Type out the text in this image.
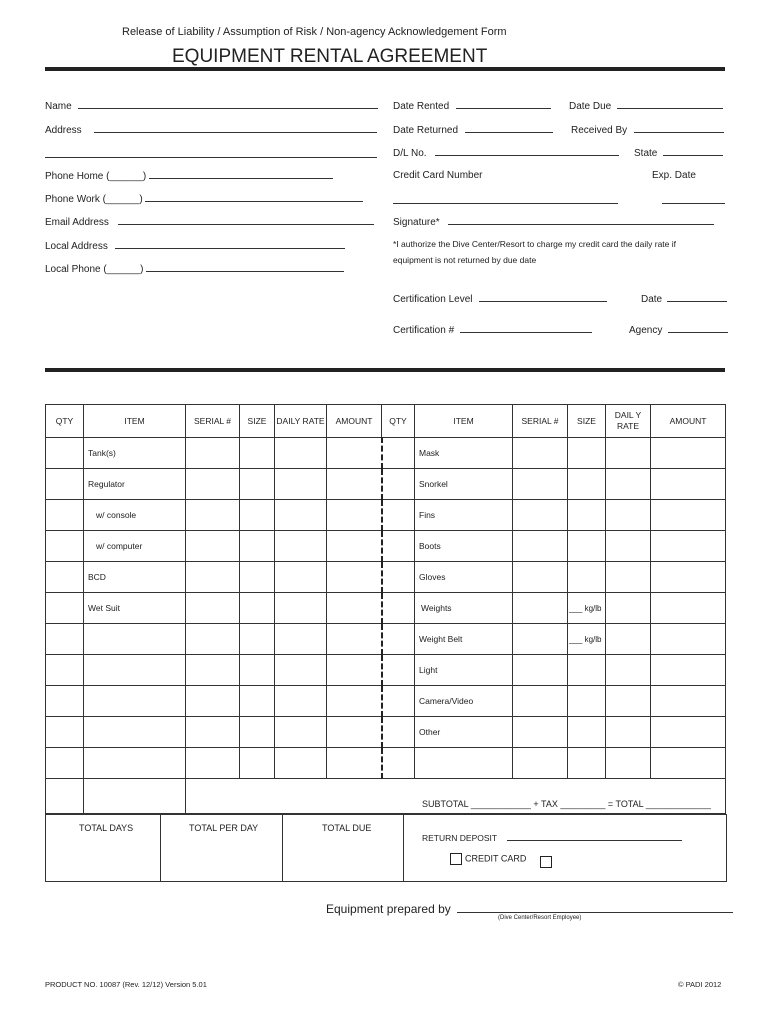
Release of Liability / Assumption of Risk / Non-agency Acknowledgement Form
EQUIPMENT RENTAL AGREEMENT
Name
Address
Phone Home (______)
Phone Work (______)
Email Address
Local Address
Local Phone (______)
Date Rented	Date Due
Date Returned	Received By
D/L No.	State
Credit Card Number	Exp. Date
Signature*
*I authorize the Dive Center/Resort to charge my credit card the daily rate if
equipment is not returned by due date
Certification Level	Date
Certification #	Agency
QTY	ITEM	SERIAL #	SIZE	DAILY RATE	AMOUNT	QTY	ITEM	SERIAL #	SIZE	DAIL Y RATE	AMOUNT
	Tank(s)						Mask				
	Regulator						Snorkel				
	w/ console						Fins				
	w/ computer						Boots				
	BCD						Gloves				
	Wet Suit						Weights		___ kg/lb		
							Weight Belt		___ kg/lb		
							Light				
							Camera/Video				
							Other				

		SUBTOTAL ____________ + TAX _________ = TOTAL _____________									
TOTAL DAYS	TOTAL PER DAY	TOTAL DUE
RETURN DEPOSIT
CREDIT CARD
Equipment prepared by
(Dive Center/Resort Employee)
PRODUCT NO. 10087 (Rev. 12/12) Version 5.01	© PADI 2012
